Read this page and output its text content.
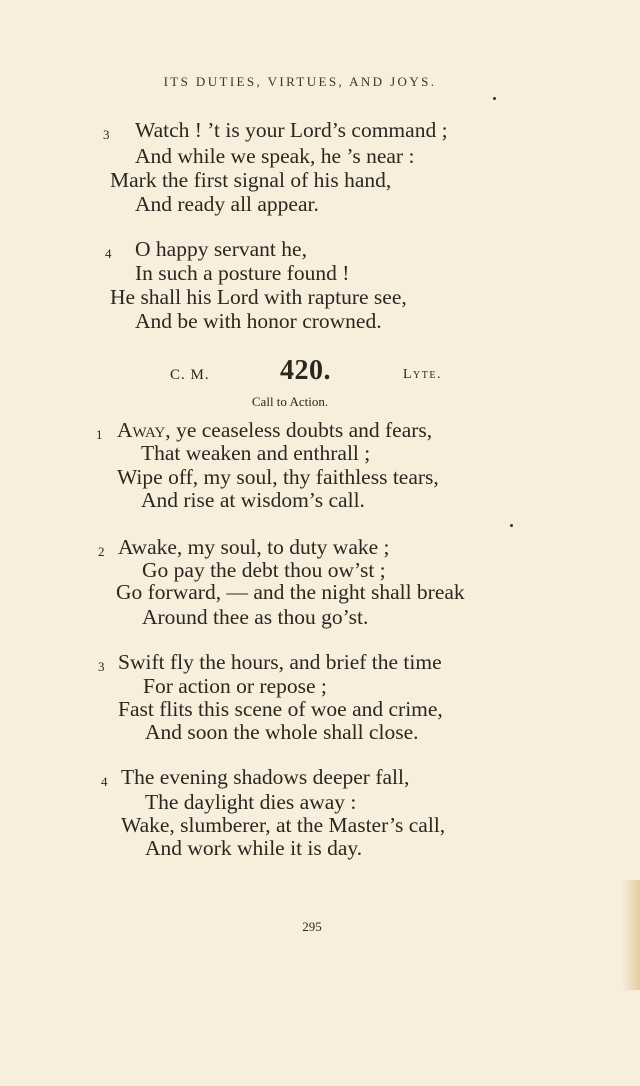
ITS DUTIES, VIRTUES, AND JOYS.
3 Watch ! ’t is your Lord’s command ;
And while we speak, he ’s near :
Mark the first signal of his hand,
And ready all appear.
4 O happy servant he,
In such a posture found !
He shall his Lord with rapture see,
And be with honor crowned.
C. M.	420.	Lyte.
Call to Action.
1 Away, ye ceaseless doubts and fears,
That weaken and enthrall ;
Wipe off, my soul, thy faithless tears,
And rise at wisdom’s call.
2 Awake, my soul, to duty wake ;
Go pay the debt thou ow’st ;
Go forward, — and the night shall break
Around thee as thou go’st.
3 Swift fly the hours, and brief the time
For action or repose ;
Fast flits this scene of woe and crime,
And soon the whole shall close.
4 The evening shadows deeper fall,
The daylight dies away :
Wake, slumberer, at the Master’s call,
And work while it is day.
295
